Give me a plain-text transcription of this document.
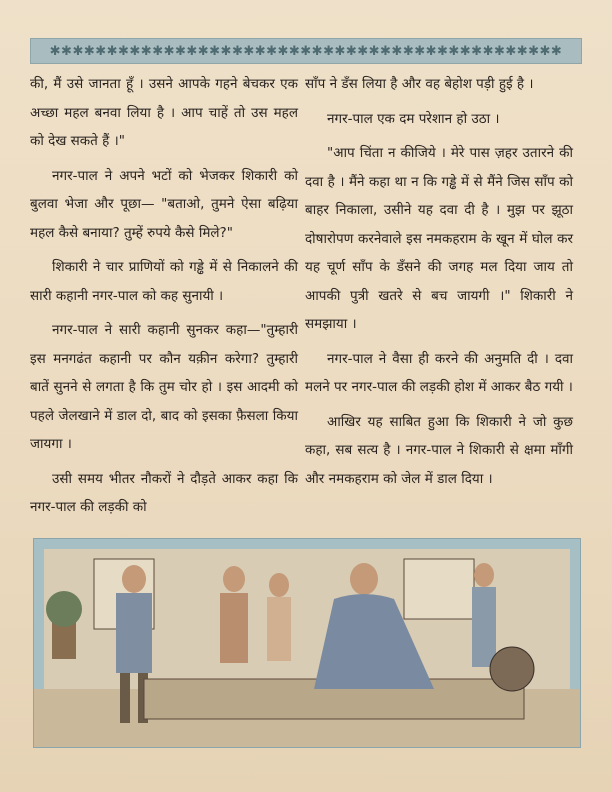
✱✱✱✱✱✱✱✱✱✱✱✱✱✱✱✱✱✱✱✱✱✱✱✱✱✱✱✱✱✱✱✱✱✱✱✱✱✱✱✱✱✱✱✱✱

की, मैं उसे जानता हूँ । उसने आपके गहने बेचकर एक अच्छा महल बनवा लिया है । आप चाहें तो उस महल को देख सकते हैं ।"

नगर-पाल ने अपने भटों को भेजकर शिकारी को बुलवा भेजा और पूछा— "बताओ, तुमने ऐसा बढ़िया महल कैसे बनाया? तुम्हें रुपये कैसे मिले?"

शिकारी ने चार प्राणियों को गड्ढे में से निकालने की सारी कहानी नगर-पाल को कह सुनायी ।

नगर-पाल ने सारी कहानी सुनकर कहा—"तुम्हारी इस मनगढंत कहानी पर कौन यक़ीन करेगा? तुम्हारी बातें सुनने से लगता है कि तुम चोर हो । इस आदमी को पहले जेलखाने में डाल दो, बाद को इसका फ़ैसला किया जायगा ।

उसी समय भीतर नौकरों ने दौड़ते आकर कहा कि नगर-पाल की लड़की को

साँप ने डँस लिया है और वह बेहोश पड़ी हुई है ।

नगर-पाल एक दम परेशान हो उठा ।

"आप चिंता न कीजिये । मेरे पास ज़हर उतारने की दवा है । मैंने कहा था न कि गड्ढे में से मैंने जिस साँप को बाहर निकाला, उसीने यह दवा दी है । मुझ पर झूठा दोषारोपण करनेवाले इस नमकहराम के खून में घोल कर यह चूर्ण साँप के डँसने की जगह मल दिया जाय तो आपकी पुत्री खतरे से बच जायगी ।" शिकारी ने समझाया ।

नगर-पाल ने वैसा ही करने की अनुमति दी । दवा मलने पर नगर-पाल की लड़की होश में आकर बैठ गयी ।

आखिर यह साबित हुआ कि शिकारी ने जो कुछ कहा, सब सत्य है । नगर-पाल ने शिकारी से क्षमा माँगी और नमकहराम को जेल में डाल दिया ।
